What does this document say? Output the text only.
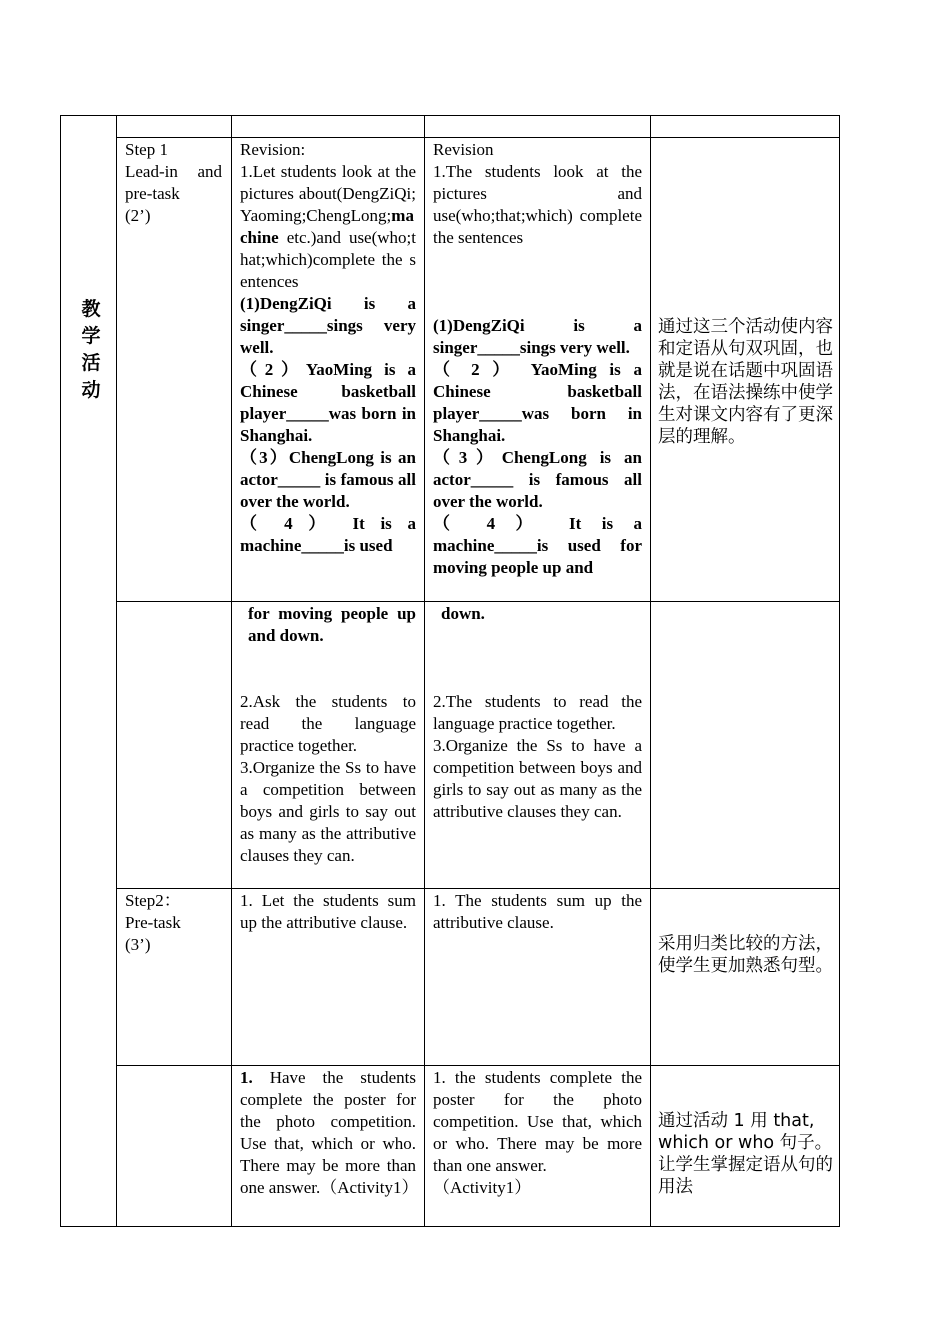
教
学
活
动

Step 1

Lead-in and pre-task

(2’)

Revision:

1.Let students look at the pictures about(DengZiQi;Yaoming;ChengLong;machine etc.)and use(who;that;which)complete the sentences

(1)DengZiQi is a singer_____sings very well.

（2）YaoMing is a Chinese basketball player_____was born in Shanghai.

（3）ChengLong is an actor_____ is famous all over the world.

（ 4 ） It is a machine_____is used

Revision

1.The students look at the pictures and use(who;that;which) complete the sentences

(1)DengZiQi is a singer_____sings very well.

（ 2 ） YaoMing is a Chinese basketball player_____was born in Shanghai.

（3）ChengLong is an actor_____ is famous all over the world.

（ 4 ） It is a machine_____is used for moving people up and

通过这三个活动使内容和定语从句双巩固，也就是说在话题中巩固语法，在语法操练中使学生对课文内容有了更深层的理解。

for moving people up and down.

2.Ask the students to read the language practice together.

3.Organize the Ss to have a competition between boys and girls to say out as many as the attributive clauses they can.

down.

2.The students to read the language practice together.

3.Organize the Ss to have a competition between boys and girls to say out as many as the attributive clauses they can.

Step2：

Pre-task

(3’)

1. Let the students sum up the attributive clause.
1. The students sum up the attributive clause.
采用归类比较的方法，使学生更加熟悉句型。

1. Have the students complete the poster for the photo competition. Use that, which or who. There may be more than one answer.（Activity1）

1. the students complete the poster for the photo competition. Use that, which or who. There may be more than one answer.

（Activity1）

通过活动 1 用 that, which or who 句子。让学生掌握定语从句的用法
